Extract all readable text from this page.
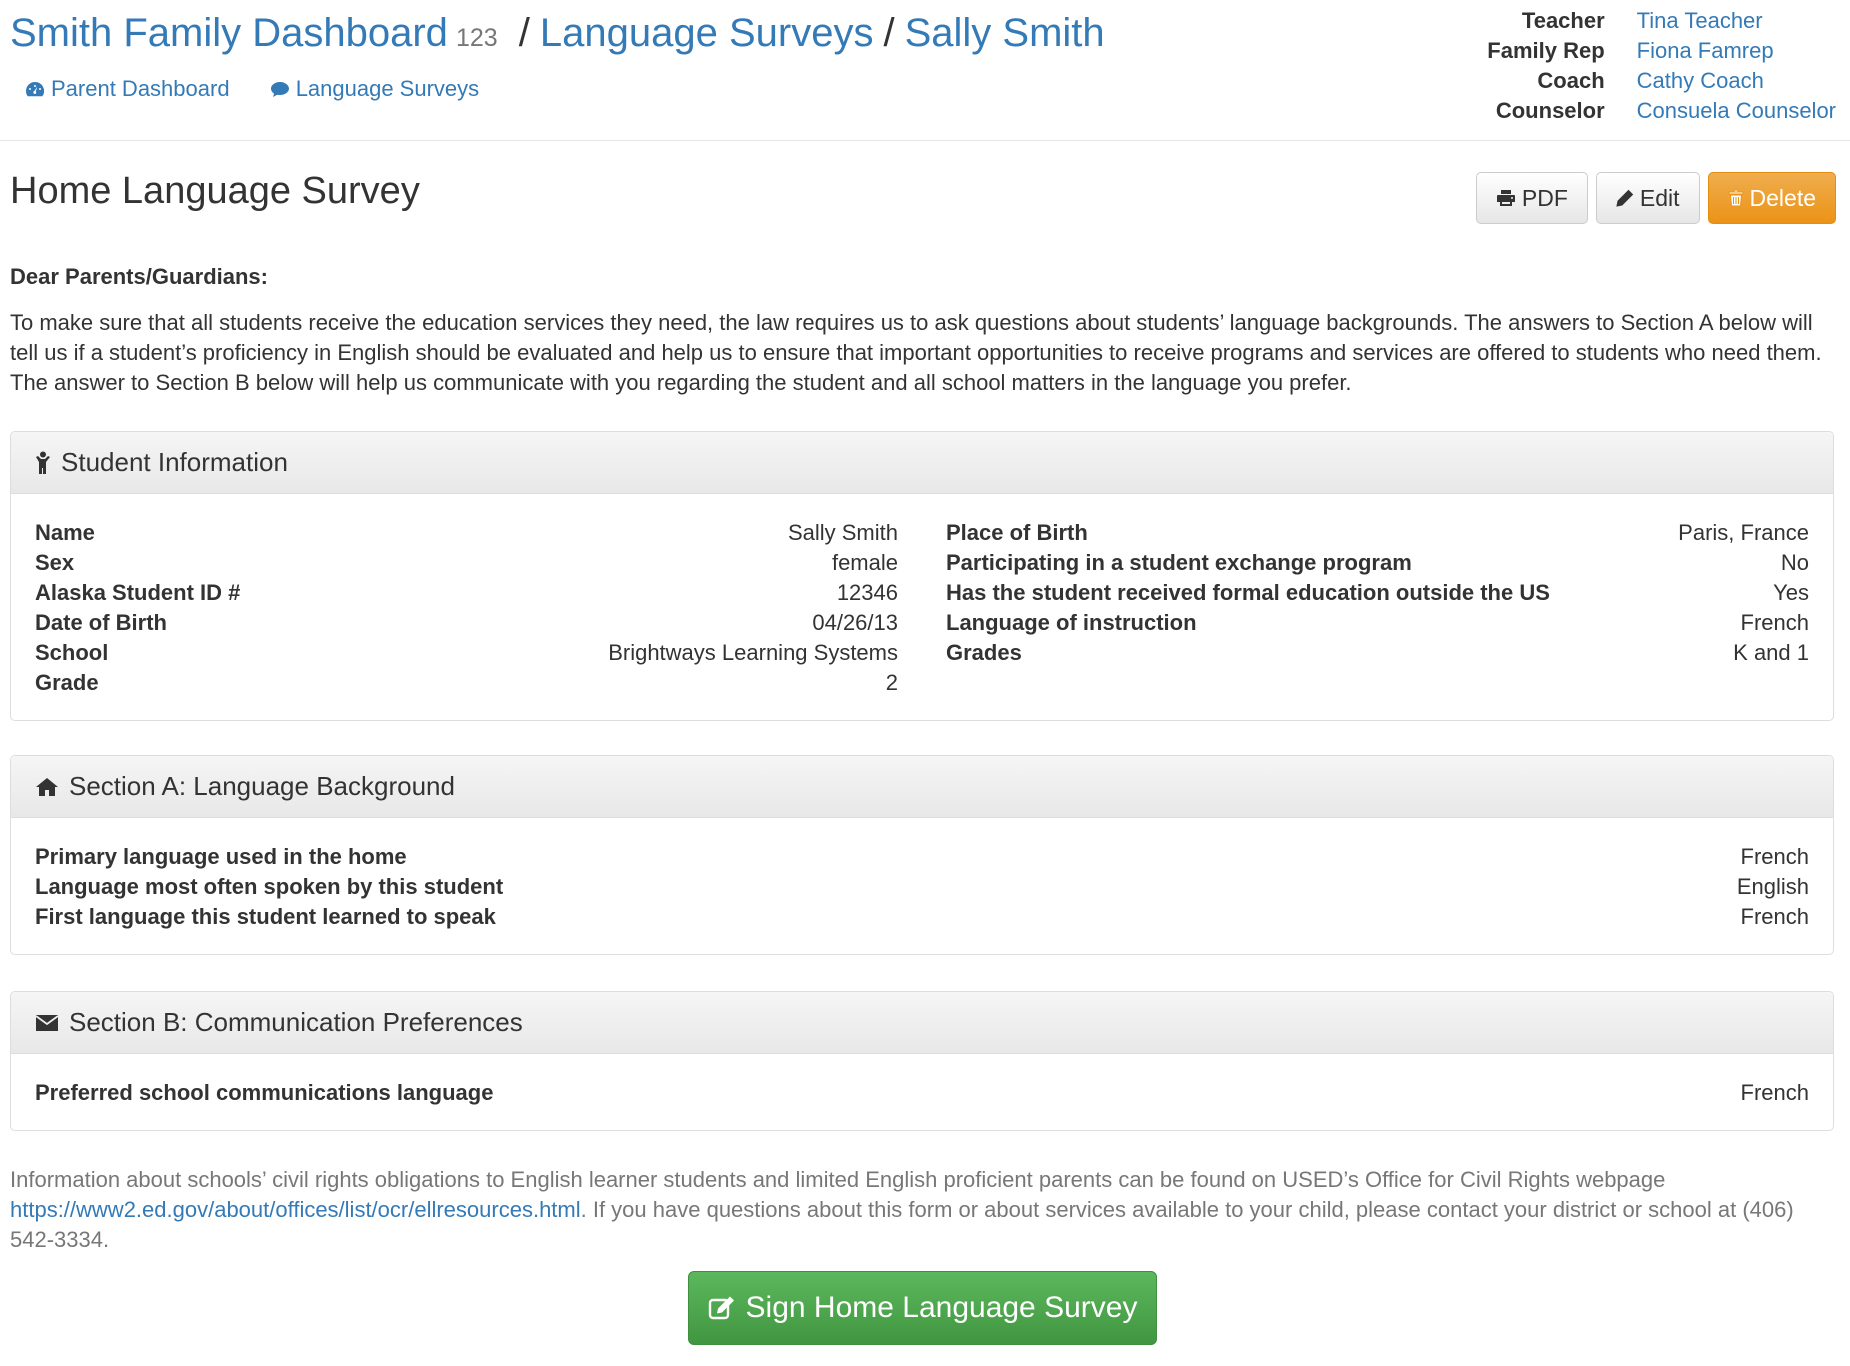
Smith Family Dashboard 123 / Language Surveys / Sally Smith
Parent Dashboard
	Language Surveys
Teacher Tina Teacher
Family Rep Fiona Famrep
Coach Cathy Coach
Counselor Consuela Counselor
Home Language Survey	PDF	Edit	Delete
Dear Parents/Guardians:

To make sure that all students receive the education services they need, the law requires us to ask questions about students’ language backgrounds. The answers to Section A below will tell us if a student’s proficiency in English should be evaluated and help us to ensure that important opportunities to receive programs and services are offered to students who need them. The answer to Section B below will help us communicate with you regarding the student and all school matters in the language you prefer.

Student Information
Name	Sally Smith
Sex	female
Alaska Student ID #	12346
Date of Birth	04/26/13
School	Brightways Learning Systems
Grade	2
Place of Birth	Paris, France
Participating in a student exchange program	No
Has the student received formal education outside the US	Yes
Language of instruction	French
Grades	K and 1
Section A: Language Background
Primary language used in the home	French
Language most often spoken by this student	English
First language this student learned to speak	French
Section B: Communication Preferences
Preferred school communications language	French
Information about schools’ civil rights obligations to English learner students and limited English proficient parents can be found on USED’s Office for Civil Rights webpage https://www2.ed.gov/about/offices/list/ocr/ellresources.html. If you have questions about this form or about services available to your child, please contact your district or school at (406) 542-3334.
Sign Home Language Survey
